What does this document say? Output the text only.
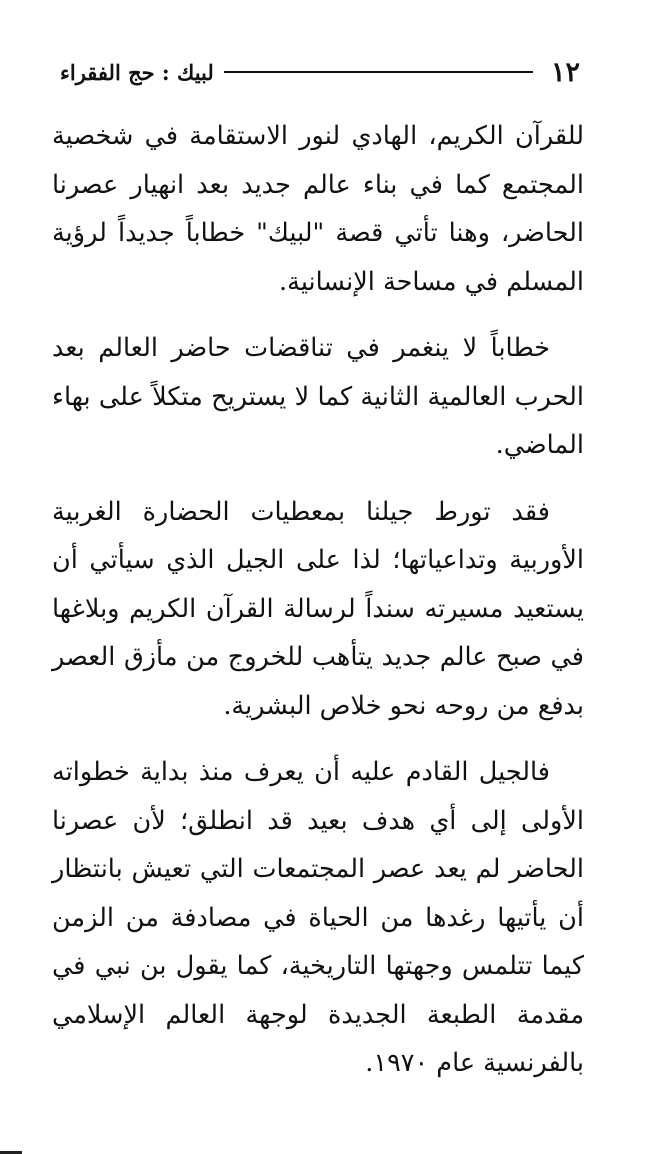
١٢
لبيك : حج الفقراء

للقرآن الكريم، الهادي لنور الاستقامة في شخصية المجتمع كما في بناء عالم جديد بعد انهيار عصرنا الحاضر، وهنا تأتي قصة "لبيك" خطاباً جديداً لرؤية المسلم في مساحة الإنسانية.

خطاباً لا ينغمر في تناقضات حاضر العالم بعد الحرب العالمية الثانية كما لا يستريح متكلاً على بهاء الماضي.

فقد تورط جيلنا بمعطيات الحضارة الغربية الأوربية وتداعياتها؛ لذا على الجيل الذي سيأتي أن يستعيد مسيرته سنداً لرسالة القرآن الكريم وبلاغها في صبح عالم جديد يتأهب للخروج من مأزق العصر بدفع من روحه نحو خلاص البشرية.

فالجيل القادم عليه أن يعرف منذ بداية خطواته الأولى إلى أي هدف بعيد قد انطلق؛ لأن عصرنا الحاضر لم يعد عصر المجتمعات التي تعيش بانتظار أن يأتيها رغدها من الحياة في مصادفة من الزمن كيما تتلمس وجهتها التاريخية، كما يقول بن نبي في مقدمة الطبعة الجديدة لوجهة العالم الإسلامي بالفرنسية عام ١٩٧٠.
